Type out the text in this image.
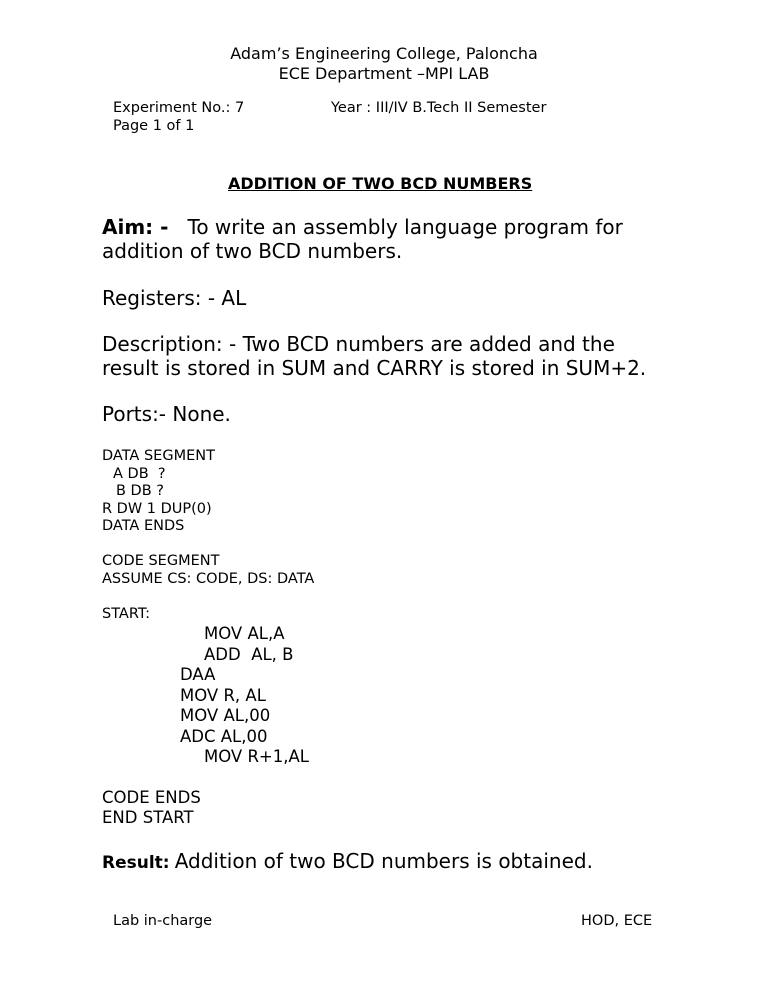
Adam’s Engineering College, Paloncha
ECE Department –MPI LAB
Experiment No.: 7	Year : III/IV B.Tech II Semester
Page 1 of 1
ADDITION OF TWO BCD NUMBERS
Aim: - To write an assembly language program for
addition of two BCD numbers.
Registers: - AL
Description: - Two BCD numbers are added and the
result is stored in SUM and CARRY is stored in SUM+2.
Ports:- None.
DATA SEGMENT
A DB  ?
B DB ?
R DW 1 DUP(0)
DATA ENDS
CODE SEGMENT
ASSUME CS: CODE, DS: DATA
START:
MOV AL,A
ADD  AL, B
DAA
MOV R, AL
MOV AL,00
ADC AL,00
MOV R+1,AL
CODE ENDS
END START
Result: Addition of two BCD numbers is obtained.
Lab in-charge	HOD, ECE
